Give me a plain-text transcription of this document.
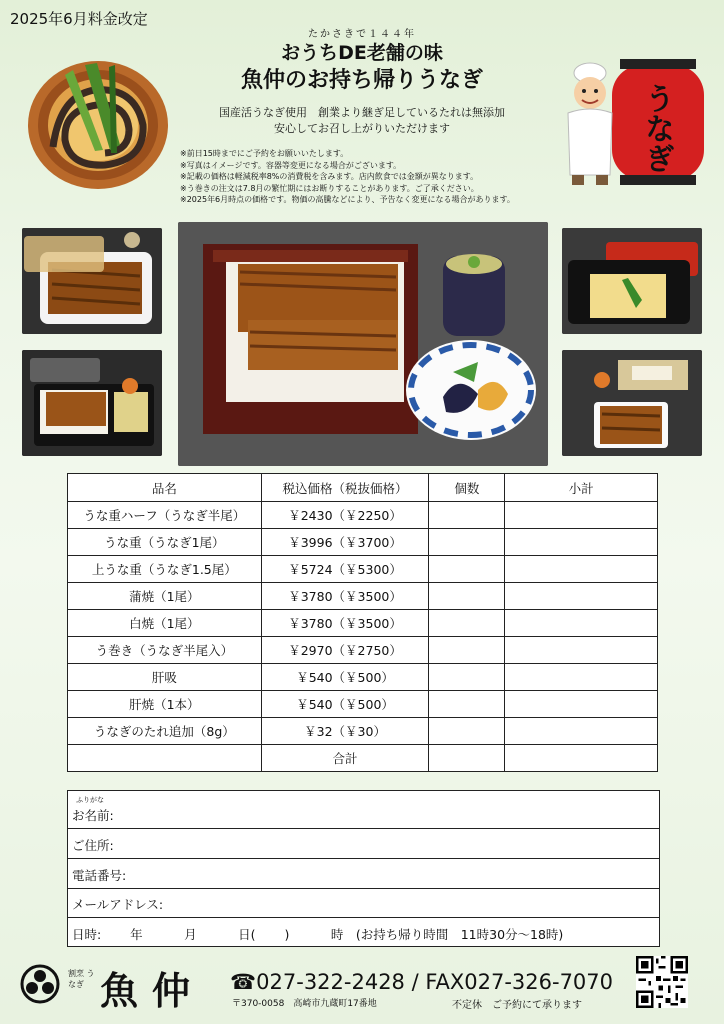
2025年6月料金改定
たかさきで１４４年
おうちDE老舗の味
魚仲のお持ち帰りうなぎ
国産活うなぎ使用　創業より継ぎ足しているたれは無添加
安心してお召し上がりいただけます
※前日15時までにご予約をお願いいたします。
※写真はイメージです。容器等変更になる場合がございます。
※記載の価格は軽減税率8%の消費税を含みます。店内飲食では金額が異なります。
※う巻きの注文は7.8月の繁忙期にはお断りすることがあります。ご了承ください。
※2025年6月時点の価格です。物価の高騰などにより、予告なく変更になる場合があります。
うなぎ
品名	税込価格（税抜価格）	個数	小計
うな重ハーフ（うなぎ半尾）	￥2430（￥2250）		
うな重（うなぎ1尾）	￥3996（￥3700）		
上うな重（うなぎ1.5尾）	￥5724（￥5300）		
蒲焼（1尾）	￥3780（￥3500）		
白焼（1尾）	￥3780（￥3500）		
う巻き（うなぎ半尾入）	￥2970（￥2750）		
肝吸	￥540（￥500）		
肝焼（1本）	￥540（￥500）		
うなぎのたれ追加（8g）	￥32（￥30）		
	合計		
ふりがな
お名前:
ご住所:
電話番号:
メールアドレス:
日時:　　 年　　　 月　　　 日(　　 )　　　 時　(お持ち帰り時間　11時30分～18時)
割烹 うなぎ 魚仲 ☎027-322-2428 / FAX027-326-7070
〒370-0058　高崎市九蔵町17番地	不定休　ご予約にて承ります
